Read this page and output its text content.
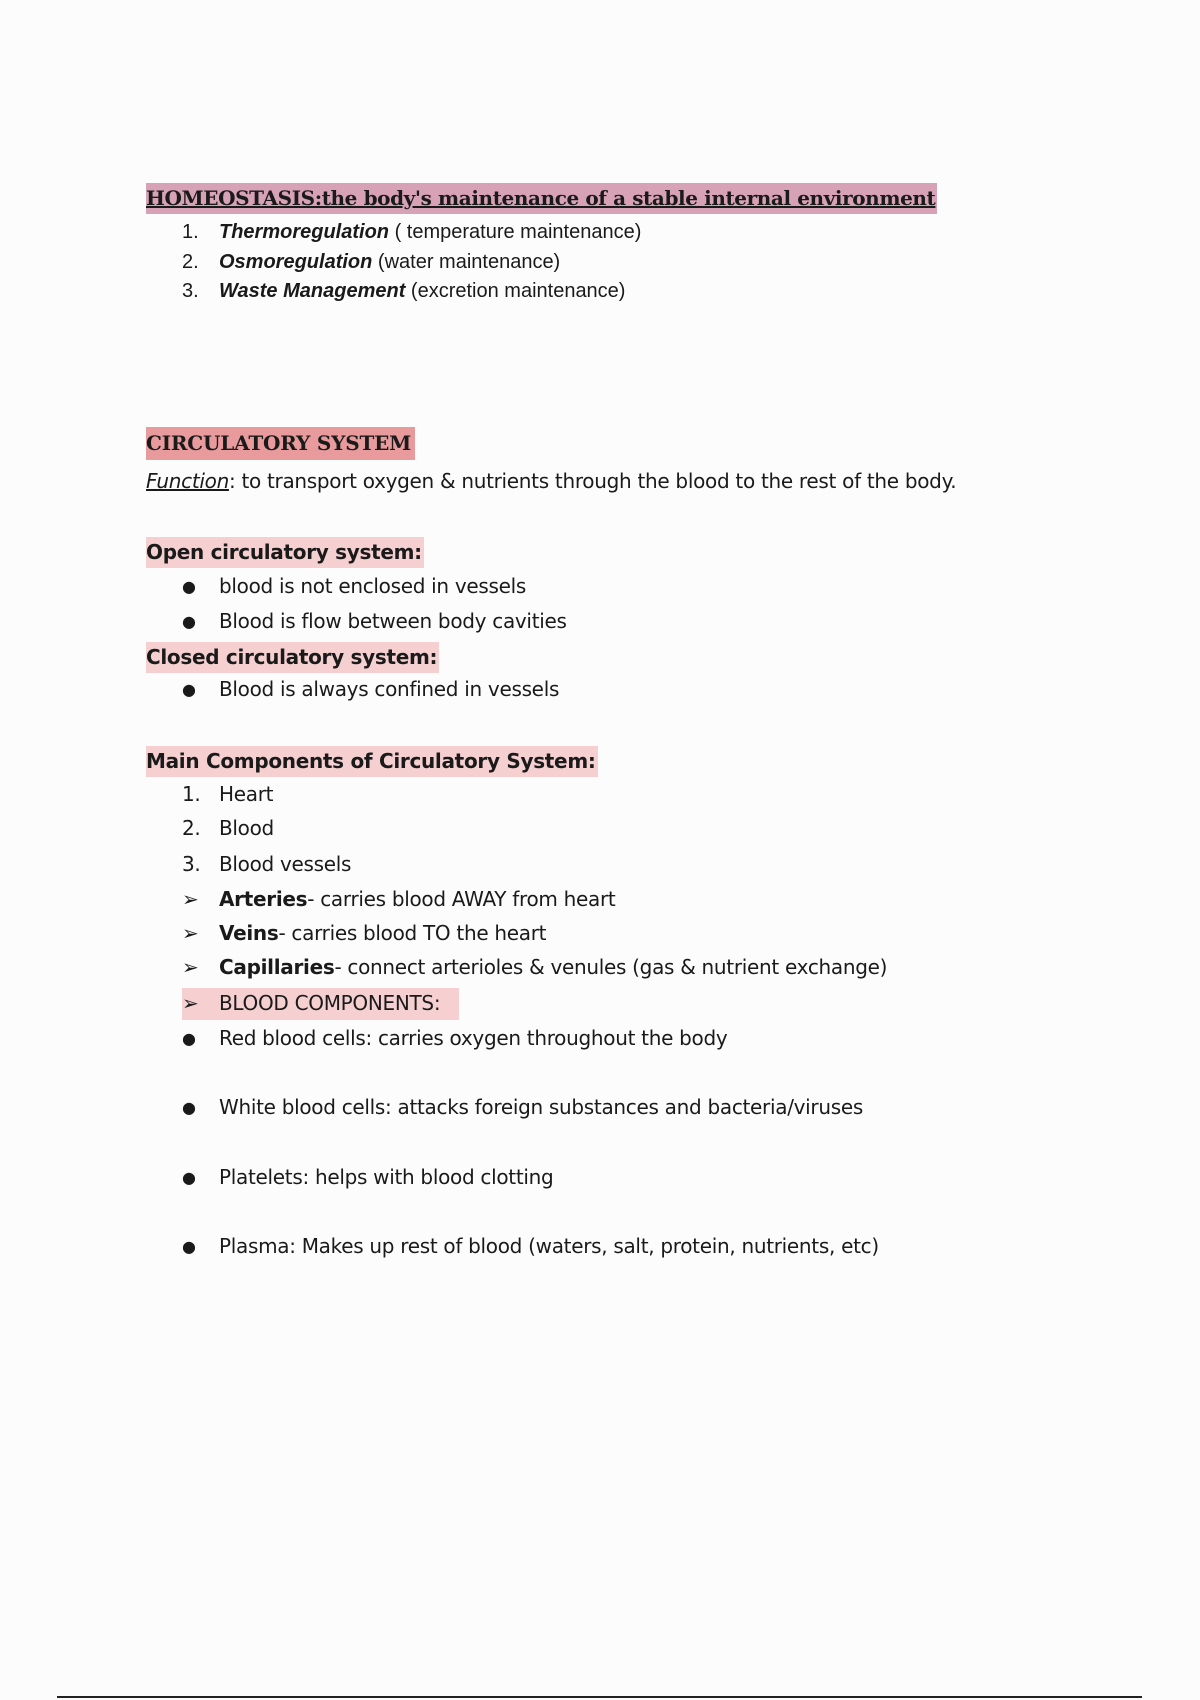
HOMEOSTASIS:the body's maintenance of a stable internal environment
1. Thermoregulation ( temperature maintenance)
2. Osmoregulation (water maintenance)
3. Waste Management (excretion maintenance)
CIRCULATORY SYSTEM
Function: to transport oxygen & nutrients through the blood to the rest of the body.
Open circulatory system:
● blood is not enclosed in vessels
● Blood is flow between body cavities
Closed circulatory system:
● Blood is always confined in vessels
Main Components of Circulatory System:
1. Heart
2. Blood
3. Blood vessels
➢ Arteries- carries blood AWAY from heart
➢ Veins- carries blood TO the heart
➢ Capillaries- connect arterioles & venules (gas & nutrient exchange)
➢ BLOOD COMPONENTS:
● Red blood cells: carries oxygen throughout the body
● White blood cells: attacks foreign substances and bacteria/viruses
● Platelets: helps with blood clotting
● Plasma: Makes up rest of blood (waters, salt, protein, nutrients, etc)
